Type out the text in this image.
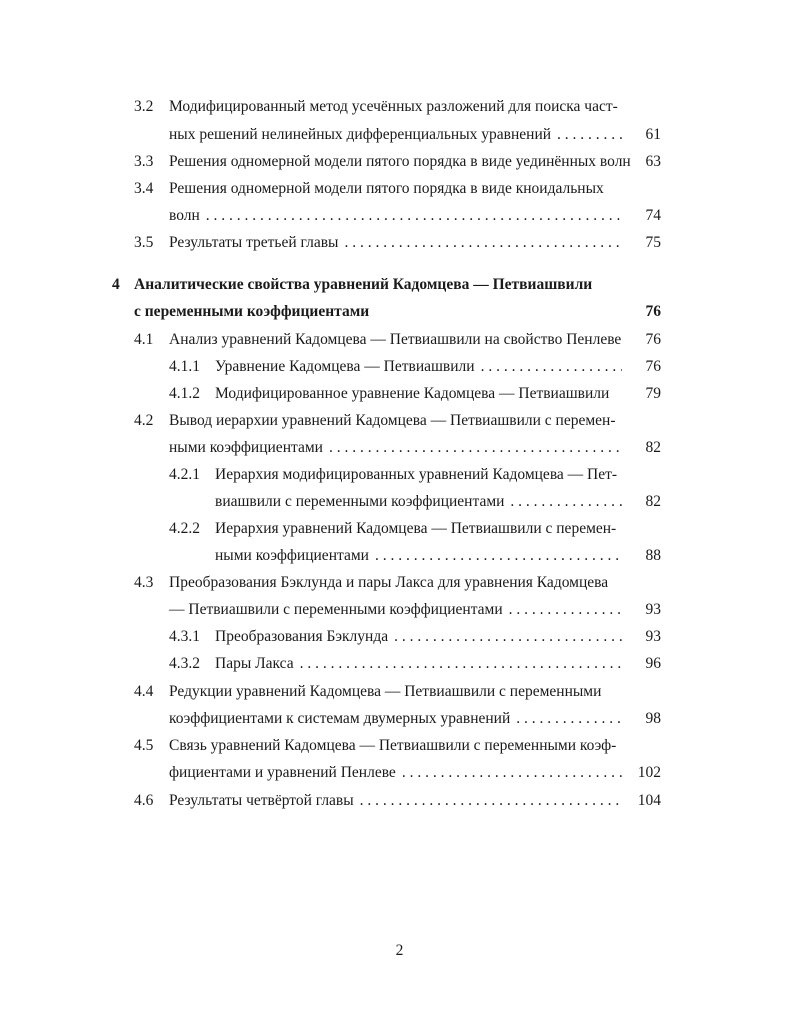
3.2 Модифицированный метод усечённых разложений для поиска част-
ных решений нелинейных дифференциальных уравнений . . .	61
3.3 Решения одномерной модели пятого порядка в виде уединённых волн 63
3.4 Решения одномерной модели пятого порядка в виде кноидальных
волн . . .	74
3.5 Результаты третьей главы . . .	75
4 Аналитические свойства уравнений Кадомцева — Петвиашвили
с переменными коэффициентами	76
4.1 Анализ уравнений Кадомцева — Петвиашвили на свойство Пенлеве	76
4.1.1 Уравнение Кадомцева — Петвиашвили . . .	76
4.1.2 Модифицированное уравнение Кадомцева — Петвиашвили	79
4.2 Вывод иерархии уравнений Кадомцева — Петвиашвили с перемен-
ными коэффициентами . . .	82
4.2.1 Иерархия модифицированных уравнений Кадомцева — Пет-
виашвили с переменными коэффициентами . . .	82
4.2.2 Иерархия уравнений Кадомцева — Петвиашвили с перемен-
ными коэффициентами . . .	88
4.3 Преобразования Бэклунда и пары Лакса для уравнения Кадомцева
— Петвиашвили с переменными коэффициентами . . .	93
4.3.1 Преобразования Бэклунда . . .	93
4.3.2 Пары Лакса . . .	96
4.4 Редукции уравнений Кадомцева — Петвиашвили с переменными
коэффициентами к системам двумерных уравнений . . .	98
4.5 Связь уравнений Кадомцева — Петвиашвили с переменными коэф-
фициентами и уравнений Пенлеве . . .	102
4.6 Результаты четвёртой главы . . .	104
2
